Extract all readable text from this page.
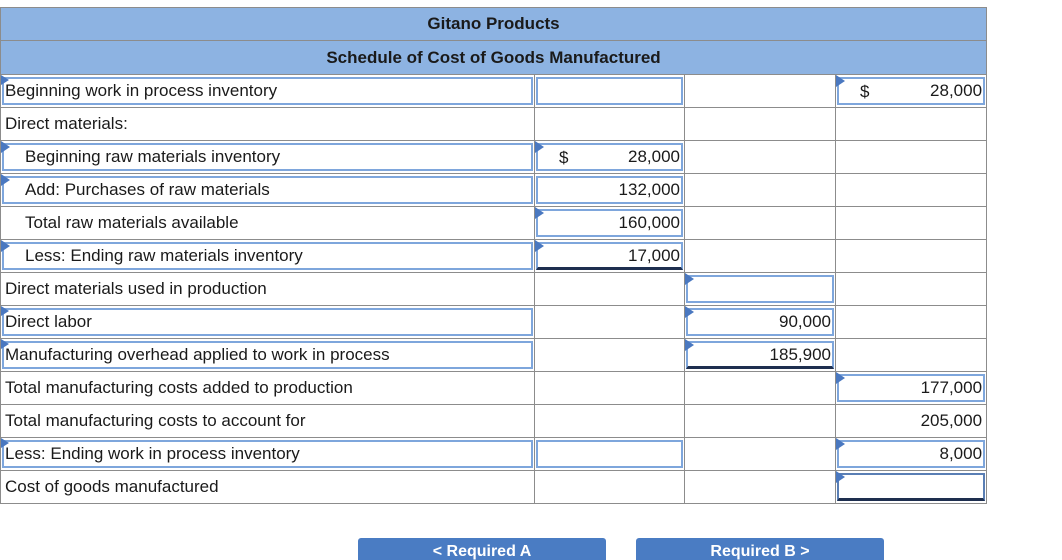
Gitano Products			
Schedule of Cost of Goods Manufactured			

Beginning work in process inventory			$ 28,000
Direct materials:			

Beginning raw materials inventory	$ 28,000		

Add: Purchases of raw materials	132,000		
Total raw materials available	160,000		

Less: Ending raw materials inventory	17,000		
Direct materials used in production		

Direct labor		90,000	

Manufacturing overhead applied to work in process		185,900	
Total manufacturing costs added to production			177,000
Total manufacturing costs to account for			205,000

Less: Ending work in process inventory			8,000
Cost of goods manufactured			
< Required A	Required B >
